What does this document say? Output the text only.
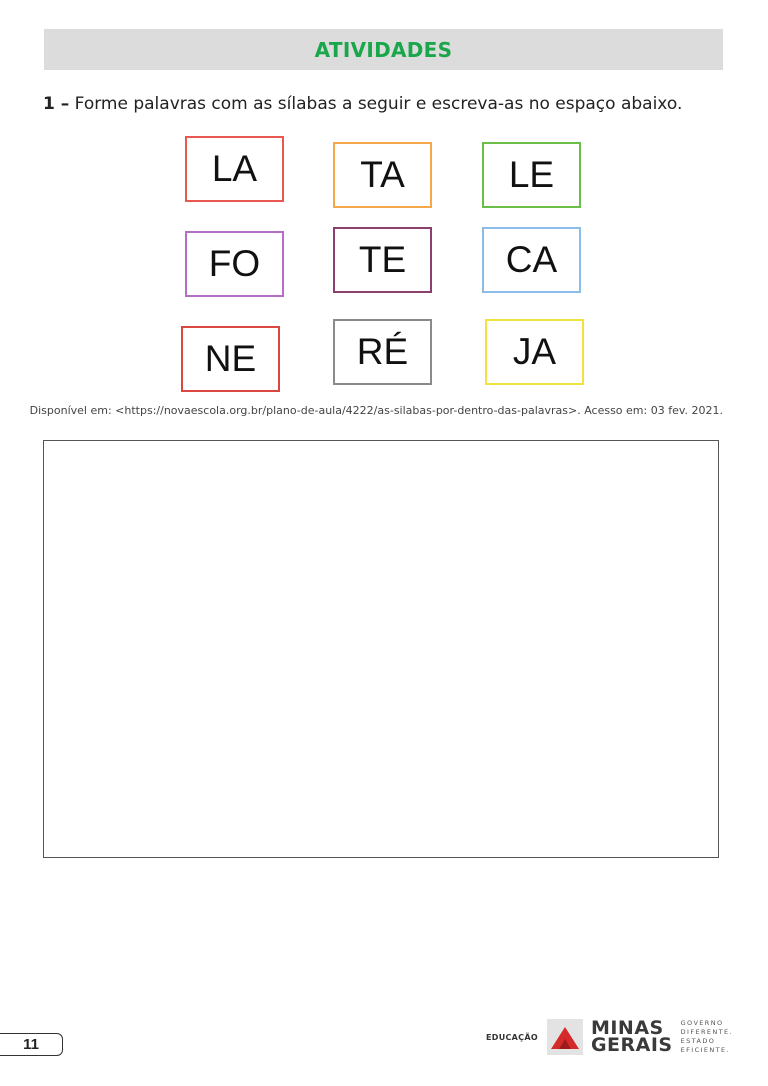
ATIVIDADES
1 – Forme palavras com as sílabas a seguir e escreva-as no espaço abaixo.
LA	TA	LE
FO	TE	CA
NE	RÉ	JA
Disponível em: <https://novaescola.org.br/plano-de-aula/4222/as-silabas-por-dentro-das-palavras>. Acesso em: 03 fev. 2021.
11	EDUCAÇÃO	MINAS
GERAIS
GOVERNO
DIFERENTE.
ESTADO
EFICIENTE.
